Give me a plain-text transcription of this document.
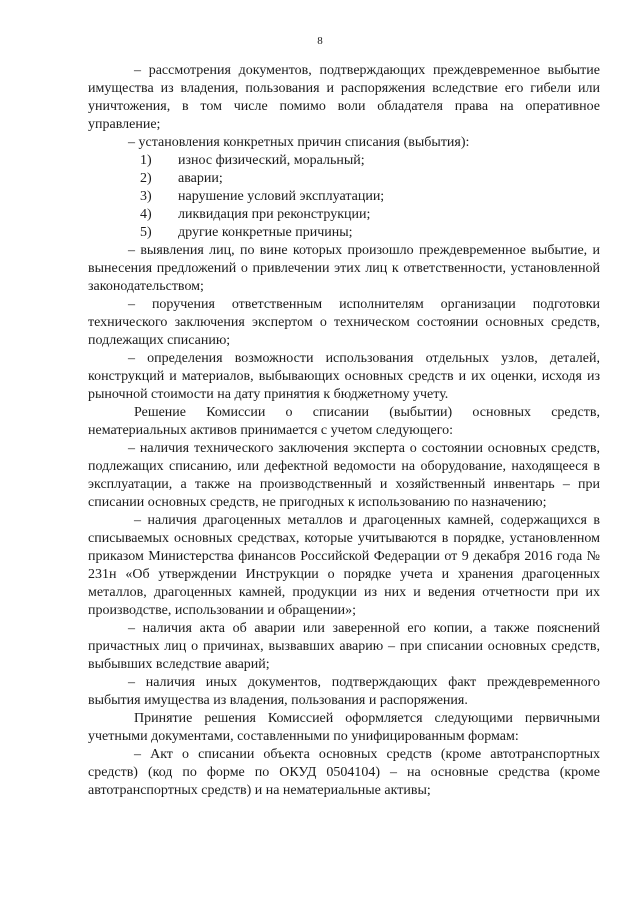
8

– рассмотрения документов, подтверждающих преждевременное выбытие имущества из владения, пользования и распоряжения вследствие его гибели или уничтожения, в том числе помимо воли обладателя права на оперативное управление;

– установления конкретных причин списания (выбытия):

1)	износ физический, моральный;
2)	аварии;
3)	нарушение условий эксплуатации;
4)	ликвидация при реконструкции;
5)	другие конкретные причины;

– выявления лиц, по вине которых произошло преждевременное выбытие, и вынесения предложений о привлечении этих лиц к ответственности, установленной законодательством;

– поручения ответственным исполнителям организации подготовки технического заключения экспертом о техническом состоянии основных средств, подлежащих списанию;

– определения возможности использования отдельных узлов, деталей, конструкций и материалов, выбывающих основных средств и их оценки, исходя из рыночной стоимости на дату принятия к бюджетному учету.

Решение Комиссии о списании (выбытии) основных средств, нематериальных активов принимается с учетом следующего:

– наличия технического заключения эксперта о состоянии основных средств, подлежащих списанию, или дефектной ведомости на оборудование, находящееся в эксплуатации, а также на производственный и хозяйственный инвентарь – при списании основных средств, не пригодных к использованию по назначению;

– наличия драгоценных металлов и драгоценных камней, содержащихся в списываемых основных средствах, которые учитываются в порядке, установленном приказом Министерства финансов Российской Федерации от 9 декабря 2016 года № 231н «Об утверждении Инструкции о порядке учета и хранения драгоценных металлов, драгоценных камней, продукции из них и ведения отчетности при их производстве, использовании и обращении»;

– наличия акта об аварии или заверенной его копии, а также пояснений причастных лиц о причинах, вызвавших аварию – при списании основных средств, выбывших вследствие аварий;

– наличия иных документов, подтверждающих факт преждевременного выбытия имущества из владения, пользования и распоряжения.

Принятие решения Комиссией оформляется следующими первичными учетными документами, составленными по унифицированным формам:

– Акт о списании объекта основных средств (кроме автотранспортных средств) (код по форме по ОКУД 0504104) – на основные средства (кроме автотранспортных средств) и на нематериальные активы;
